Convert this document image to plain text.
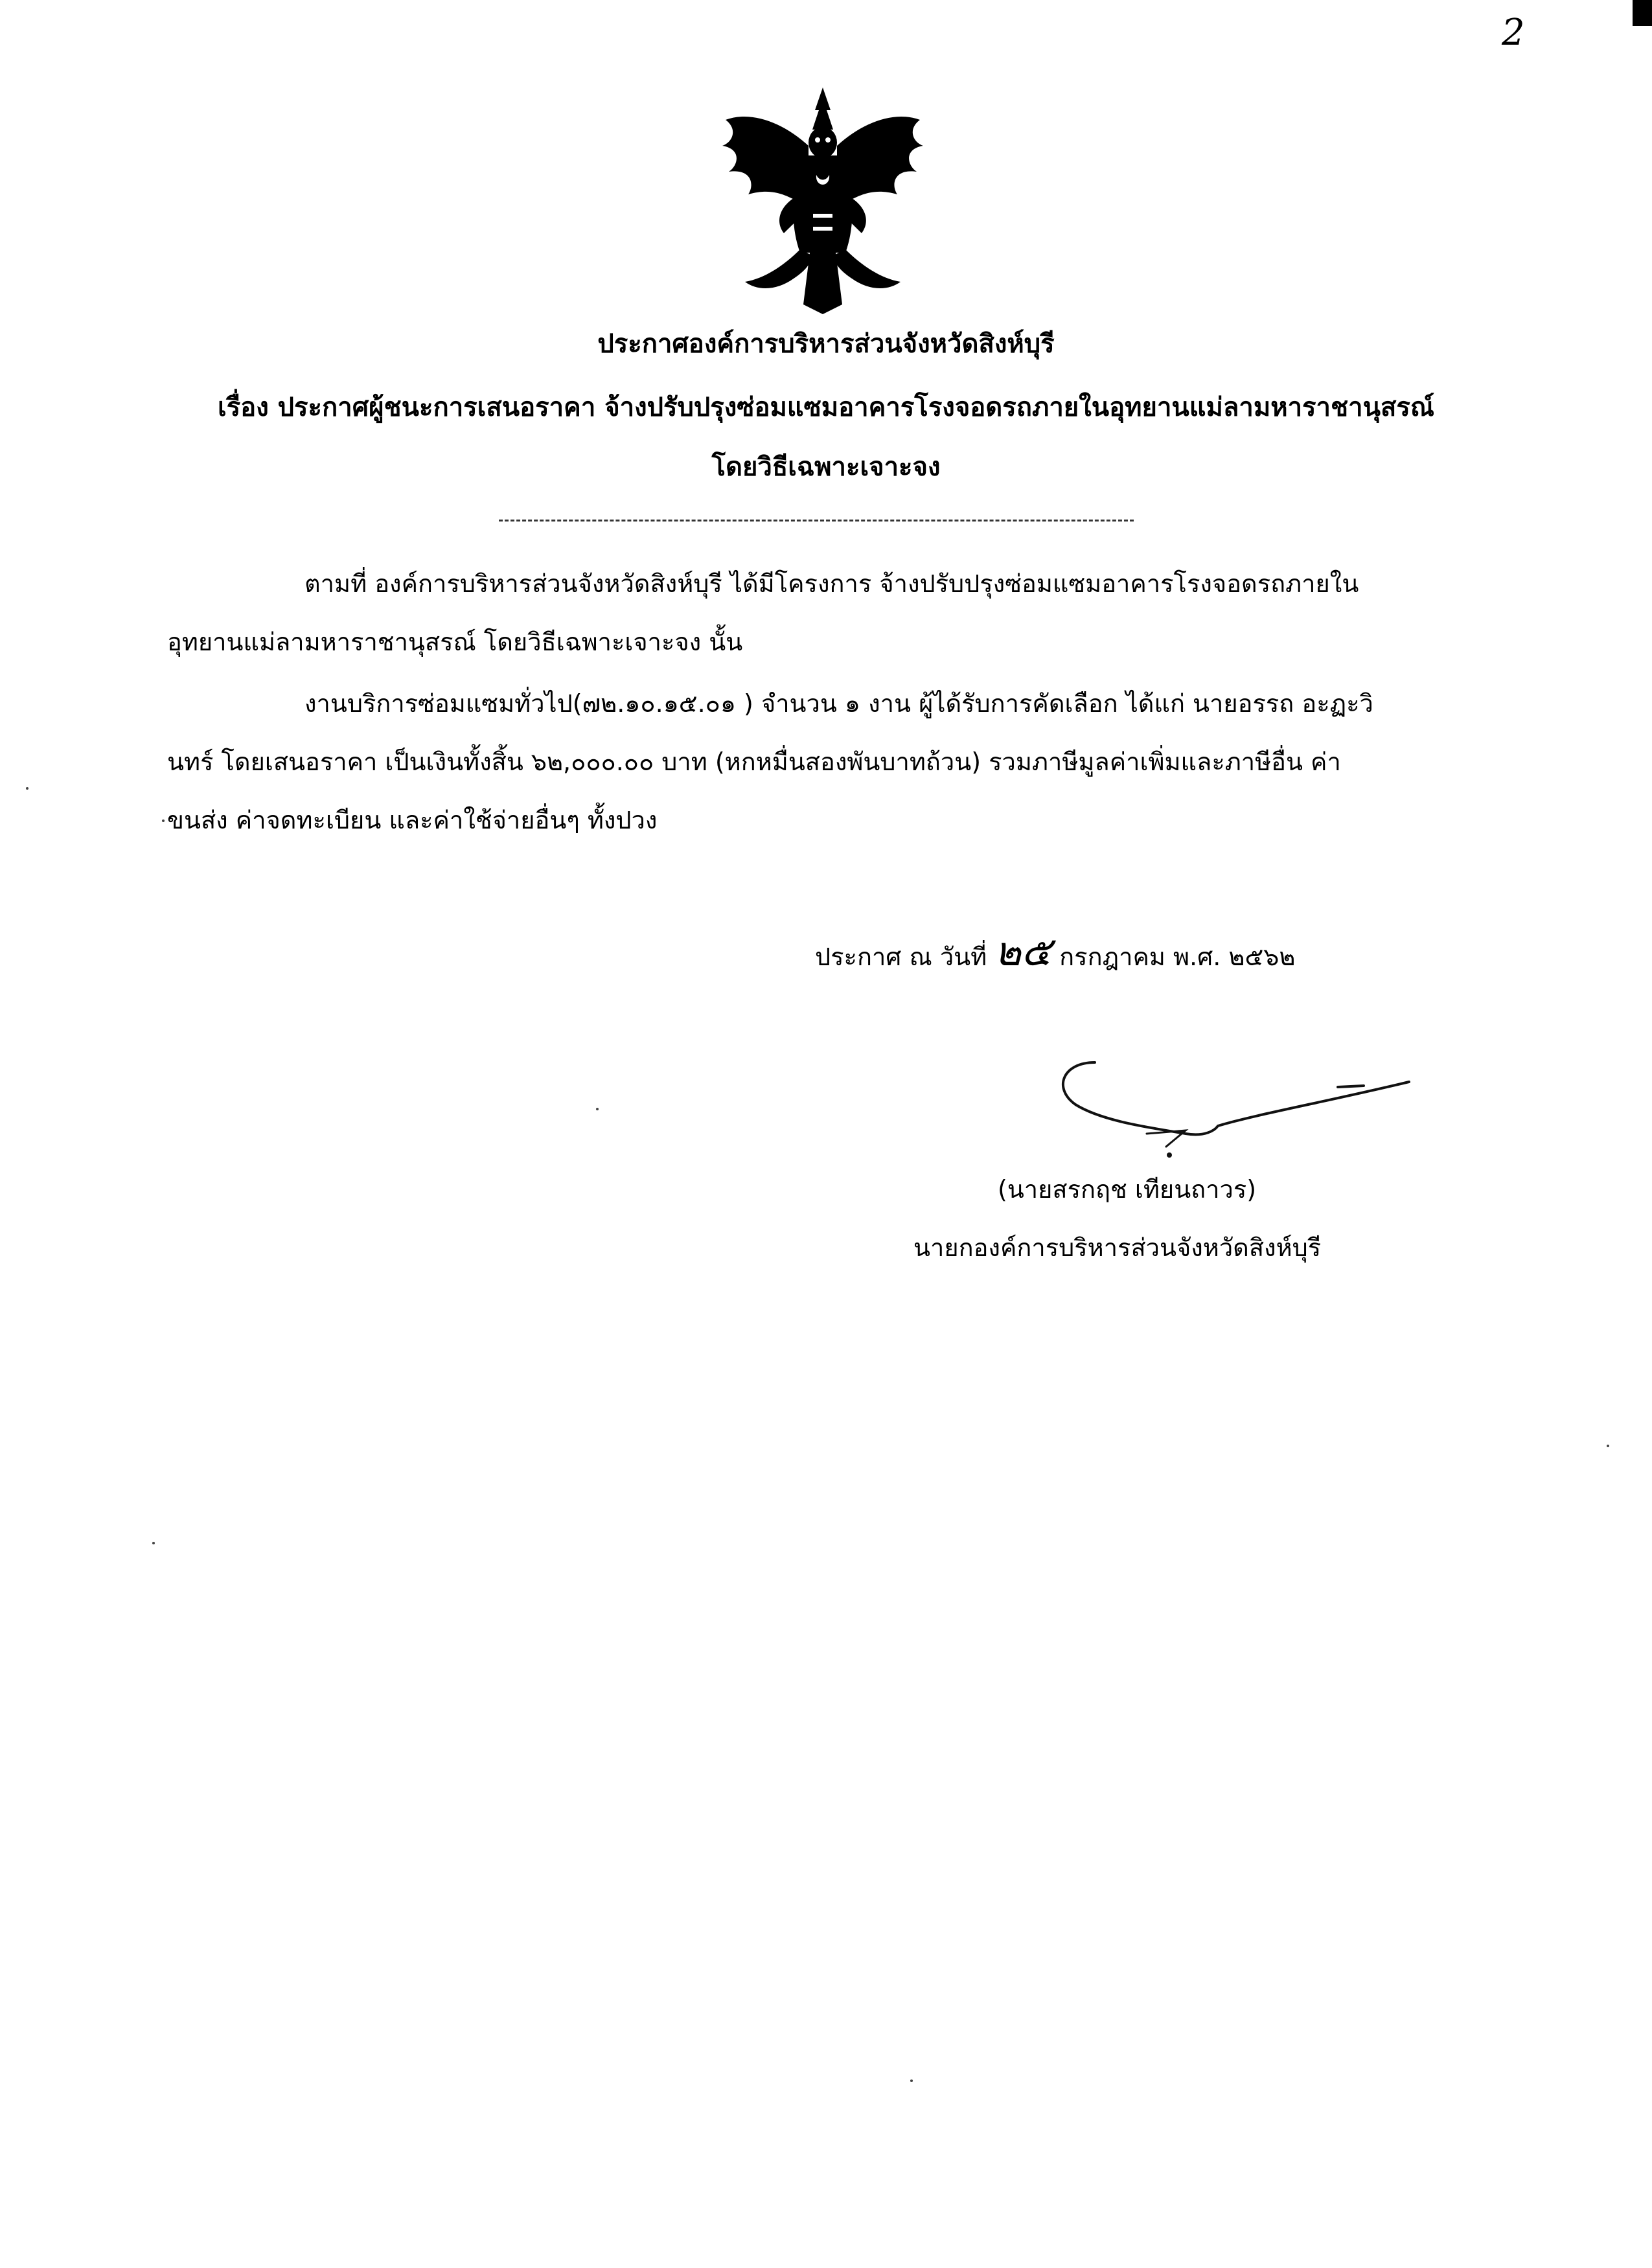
2
ประกาศองค์การบริหารส่วนจังหวัดสิงห์บุรี
เรื่อง ประกาศผู้ชนะการเสนอราคา จ้างปรับปรุงซ่อมแซมอาคารโรงจอดรถภายในอุทยานแม่ลามหาราชานุสรณ์
โดยวิธีเฉพาะเจาะจง
ตามที่ องค์การบริหารส่วนจังหวัดสิงห์บุรี ได้มีโครงการ จ้างปรับปรุงซ่อมแซมอาคารโรงจอดรถภายใน
อุทยานแม่ลามหาราชานุสรณ์ โดยวิธีเฉพาะเจาะจง นั้น
งานบริการซ่อมแซมทั่วไป(๗๒.๑๐.๑๕.๐๑ ) จำนวน ๑ งาน ผู้ได้รับการคัดเลือก ได้แก่ นายอรรถ อะฏะวิ
นทร์ โดยเสนอราคา เป็นเงินทั้งสิ้น ๖๒,๐๐๐.๐๐ บาท (หกหมื่นสองพันบาทถ้วน) รวมภาษีมูลค่าเพิ่มและภาษีอื่น ค่า
ขนส่ง ค่าจดทะเบียน และค่าใช้จ่ายอื่นๆ ทั้งปวง
ประกาศ ณ วันที่ ๒๕ กรกฎาคม พ.ศ. ๒๕๖๒
(นายสรกฤช เทียนถาวร)
นายกองค์การบริหารส่วนจังหวัดสิงห์บุรี
